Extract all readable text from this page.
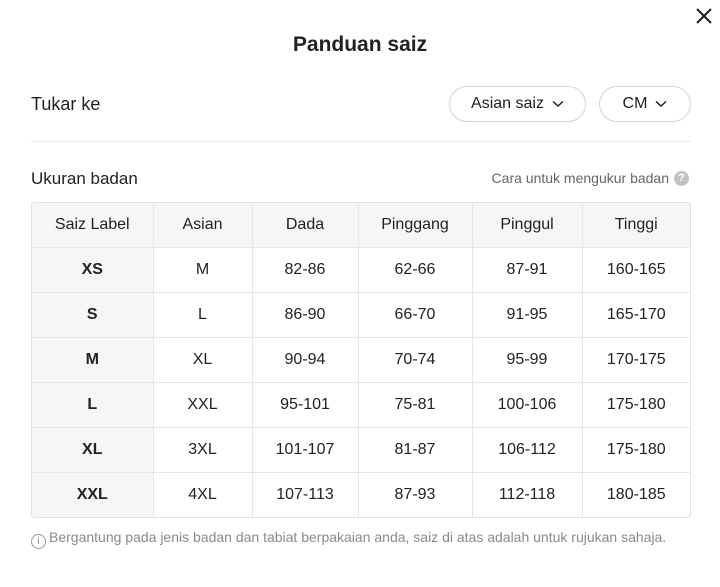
Panduan saiz
Tukar ke	Asian saiz	CM
Ukuran badan	Cara untuk mengukur badan ?
Saiz Label	Asian	Dada	Pinggang	Pinggul	Tinggi
XS	M	82-86	62-66	87-91	160-165
S	L	86-90	66-70	91-95	165-170
M	XL	90-94	70-74	95-99	170-175
L	XXL	95-101	75-81	100-106	175-180
XL	3XL	101-107	81-87	106-112	175-180
XXL	4XL	107-113	87-93	112-118	180-185
i Bergantung pada jenis badan dan tabiat berpakaian anda, saiz di atas adalah untuk rujukan sahaja.
